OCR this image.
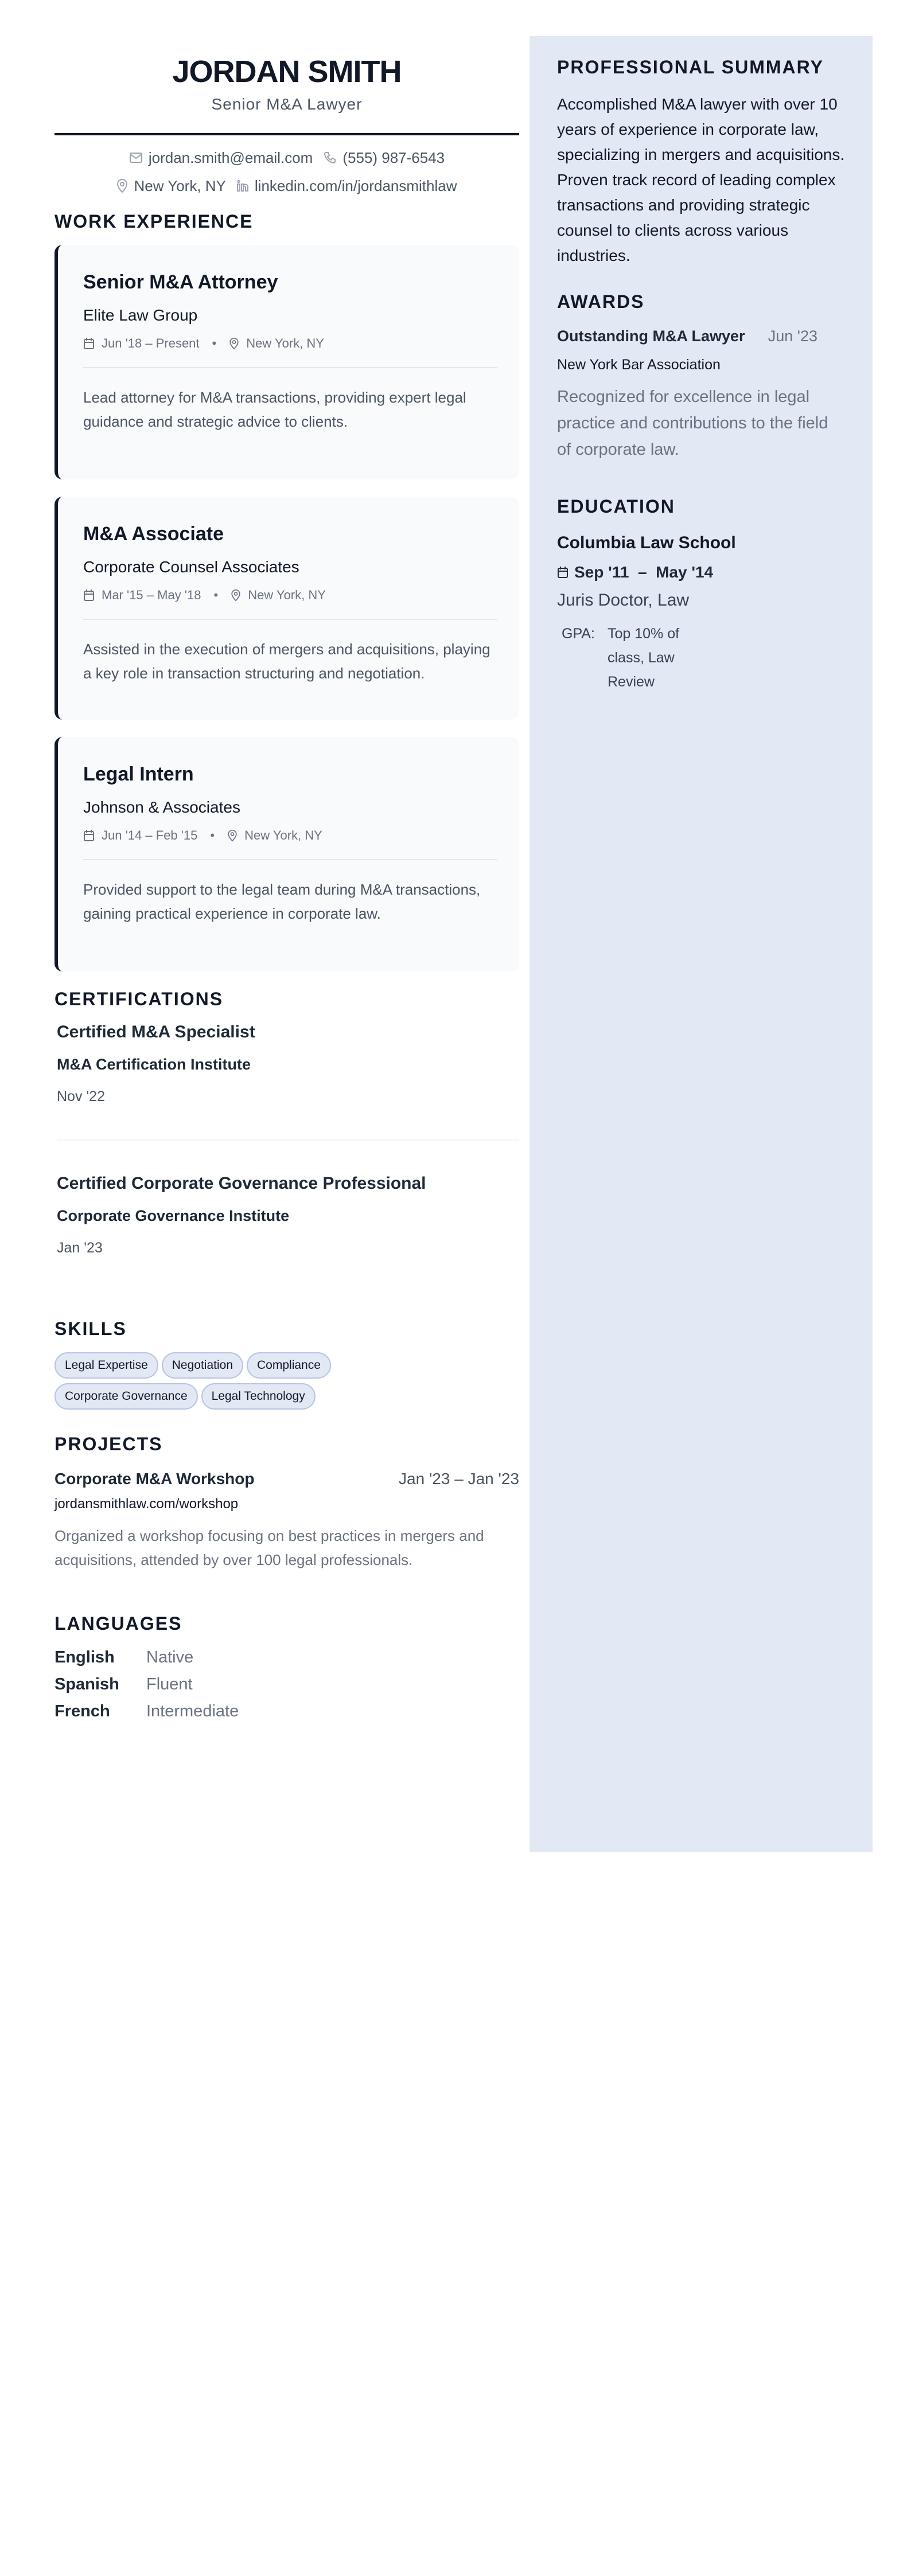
JORDAN SMITH
Senior M&A Lawyer
jordan.smith@email.com (555) 987-6543
New York, NY linkedin.com/in/jordansmithlaw
WORK EXPERIENCE
Senior M&A Attorney
Elite Law Group
Jun '18 – Present • New York, NY
Lead attorney for M&A transactions, providing expert legal guidance and strategic advice to clients.
M&A Associate
Corporate Counsel Associates
Mar '15 – May '18 • New York, NY
Assisted in the execution of mergers and acquisitions, playing a key role in transaction structuring and negotiation.
Legal Intern
Johnson & Associates
Jun '14 – Feb '15 • New York, NY
Provided support to the legal team during M&A transactions, gaining practical experience in corporate law.
CERTIFICATIONS
Certified M&A Specialist
M&A Certification Institute
Nov '22
Certified Corporate Governance Professional
Corporate Governance Institute
Jan '23
SKILLS
Legal Expertise	Negotiation	Compliance
Corporate Governance	Legal Technology
PROJECTS
Corporate M&A Workshop	Jan '23 – Jan '23
jordansmithlaw.com/workshop
Organized a workshop focusing on best practices in mergers and acquisitions, attended by over 100 legal professionals.
LANGUAGES
English	Native
Spanish	Fluent
French	Intermediate
PROFESSIONAL SUMMARY
Accomplished M&A lawyer with over 10 years of experience in corporate law, specializing in mergers and acquisitions. Proven track record of leading complex transactions and providing strategic counsel to clients across various industries.
AWARDS
Outstanding M&A Lawyer Jun '23
New York Bar Association
Recognized for excellence in legal practice and contributions to the field of corporate law.
EDUCATION
Columbia Law School
Sep '11  –  May '14
Juris Doctor, Law
GPA: Top 10% of class, Law Review
